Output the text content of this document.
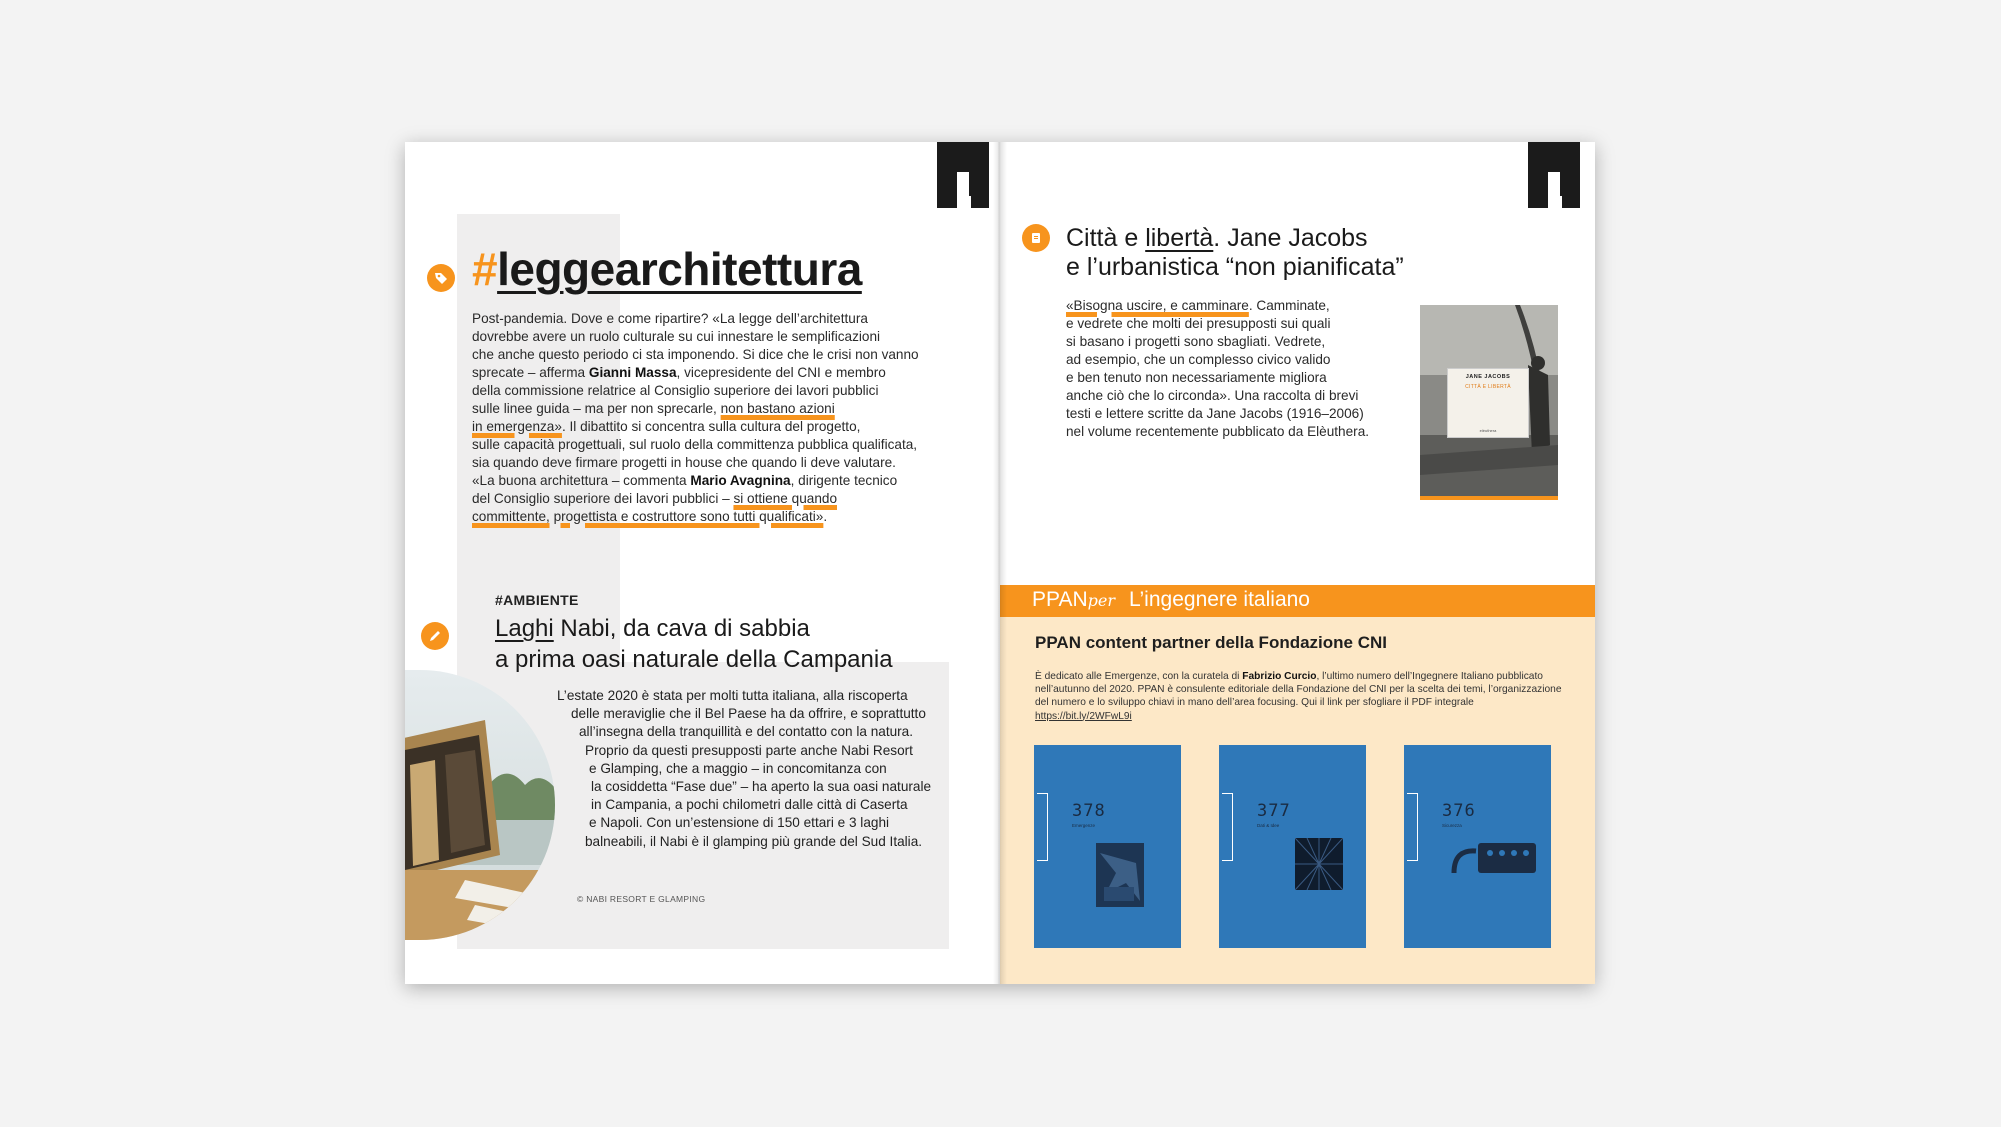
#leggearchitettura

Post-pandemia. Dove e come ripartire? «La legge dell’architettura

dovrebbe avere un ruolo culturale su cui innestare le semplificazioni

che anche questo periodo ci sta imponendo. Si dice che le crisi non vanno

sprecate – afferma Gianni Massa, vicepresidente del CNI e membro

della commissione relatrice al Consiglio superiore dei lavori pubblici

sulle linee guida – ma per non sprecarle, non bastano azioni

in emergenza». Il dibattito si concentra sulla cultura del progetto,

sulle capacità progettuali, sul ruolo della committenza pubblica qualificata,

sia quando deve firmare progetti in house che quando li deve valutare.

«La buona architettura – commenta Mario Avagnina, dirigente tecnico

del Consiglio superiore dei lavori pubblici – si ottiene quando

committente, progettista e costruttore sono tutti qualificati».

#AMBIENTE
Laghi Nabi, da cava di sabbia
a prima oasi naturale della Campania
L’estate 2020 è stata per molti tutta italiana, alla riscoperta
delle meraviglie che il Bel Paese ha da offrire, e soprattutto
all’insegna della tranquillità e del contatto con la natura.
Proprio da questi presupposti parte anche Nabi Resort
e Glamping, che a maggio – in concomitanza con
la cosiddetta “Fase due” – ha aperto la sua oasi naturale
in Campania, a pochi chilometri dalle città di Caserta
e Napoli. Con un’estensione di 150 ettari e 3 laghi
balneabili, il Nabi è il glamping più grande del Sud Italia.
© NABI RESORT E GLAMPING
Città e libertà. Jane Jacobs
e l’urbanistica “non pianificata”

«Bisogna uscire, e camminare. Camminate,

e vedrete che molti dei presupposti sui quali

si basano i progetti sono sbagliati. Vedrete,

ad esempio, che un complesso civico valido

e ben tenuto non necessariamente migliora

anche ciò che lo circonda». Una raccolta di brevi

testi e lettere scritte da Jane Jacobs (1916–2006)

nel volume recentemente pubblicato da Elèuthera.

JANE JACOBS
CITTÀ E LIBERTÀ
elèuthera
PPANper L’ingegnere italiano
PPAN content partner della Fondazione CNI
È dedicato alle Emergenze, con la curatela di Fabrizio Curcio, l’ultimo numero dell’Ingegnere Italiano pubblicato nell’autunno del 2020. PPAN è consulente editoriale della Fondazione del CNI per la scelta dei temi, l’organizzazione del numero e lo sviluppo chiavi in mano dell’area focusing. Qui il link per sfogliare il PDF integrale https://bit.ly/2WFwL9i
378
Emergenze
377
Dati & Idee
376
Sicurezza
